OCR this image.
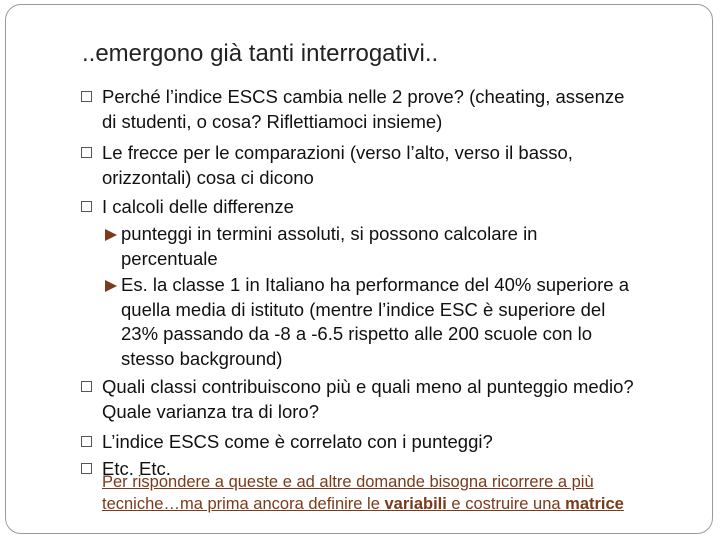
..emergono già tanti interrogativi..
Perché l’indice ESCS cambia nelle 2 prove? (cheating, assenze
di studenti, o cosa? Riflettiamoci insieme)
Le frecce per le comparazioni (verso l’alto, verso il basso,
orizzontali) cosa ci dicono
I calcoli delle differenze
punteggi in termini assoluti, si possono calcolare in
percentuale
Es. la classe 1 in Italiano ha performance del 40% superiore a
quella media di istituto (mentre l’indice ESC è superiore del
23% passando da -8 a -6.5 rispetto alle 200 scuole con lo
stesso background)
Quali classi contribuiscono più e quali meno al punteggio medio?
Quale varianza tra di loro?
L’indice ESCS come è correlato con i punteggi?
Etc. Etc.
Per rispondere a queste e ad altre domande bisogna ricorrere a più
tecniche…ma prima ancora definire le variabili e costruire una matrice
